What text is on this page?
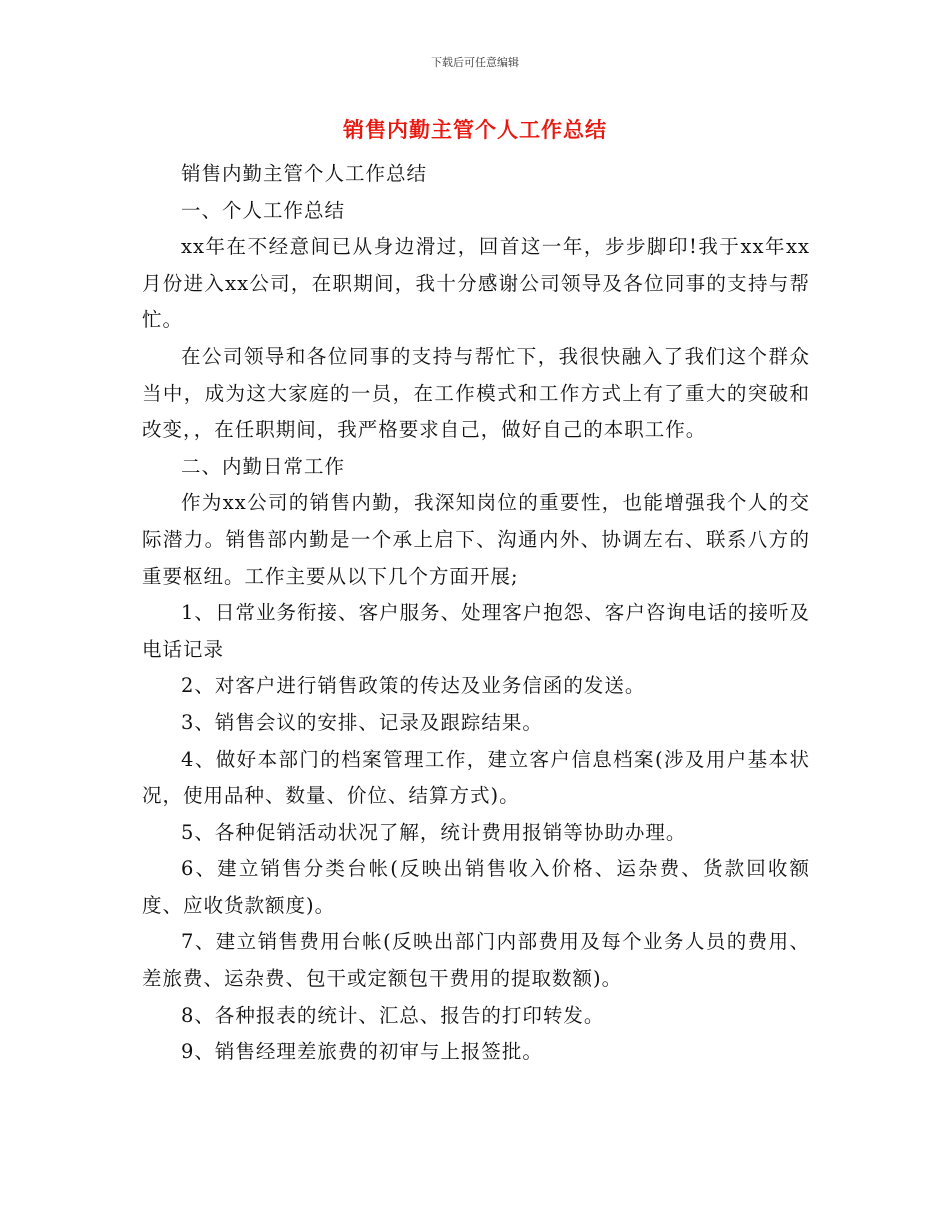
下载后可任意编辑
销售内勤主管个人工作总结

销售内勤主管个人工作总结

一、个人工作总结

xx年在不经意间已从身边滑过，回首这一年，步步脚印!我于xx年xx月份进入xx公司，在职期间，我十分感谢公司领导及各位同事的支持与帮忙。

在公司领导和各位同事的支持与帮忙下，我很快融入了我们这个群众当中，成为这大家庭的一员，在工作模式和工作方式上有了重大的突破和改变，，在任职期间，我严格要求自己，做好自己的本职工作。

二、内勤日常工作

作为xx公司的销售内勤，我深知岗位的重要性，也能增强我个人的交际潜力。销售部内勤是一个承上启下、沟通内外、协调左右、联系八方的重要枢纽。工作主要从以下几个方面开展;

1、日常业务衔接、客户服务、处理客户抱怨、客户咨询电话的接听及电话记录

2、对客户进行销售政策的传达及业务信函的发送。

3、销售会议的安排、记录及跟踪结果。

4、做好本部门的档案管理工作，建立客户信息档案(涉及用户基本状况，使用品种、数量、价位、结算方式)。

5、各种促销活动状况了解，统计费用报销等协助办理。

6、建立销售分类台帐(反映出销售收入价格、运杂费、货款回收额度、应收货款额度)。

7、建立销售费用台帐(反映出部门内部费用及每个业务人员的费用、差旅费、运杂费、包干或定额包干费用的提取数额)。

8、各种报表的统计、汇总、报告的打印转发。

9、销售经理差旅费的初审与上报签批。
